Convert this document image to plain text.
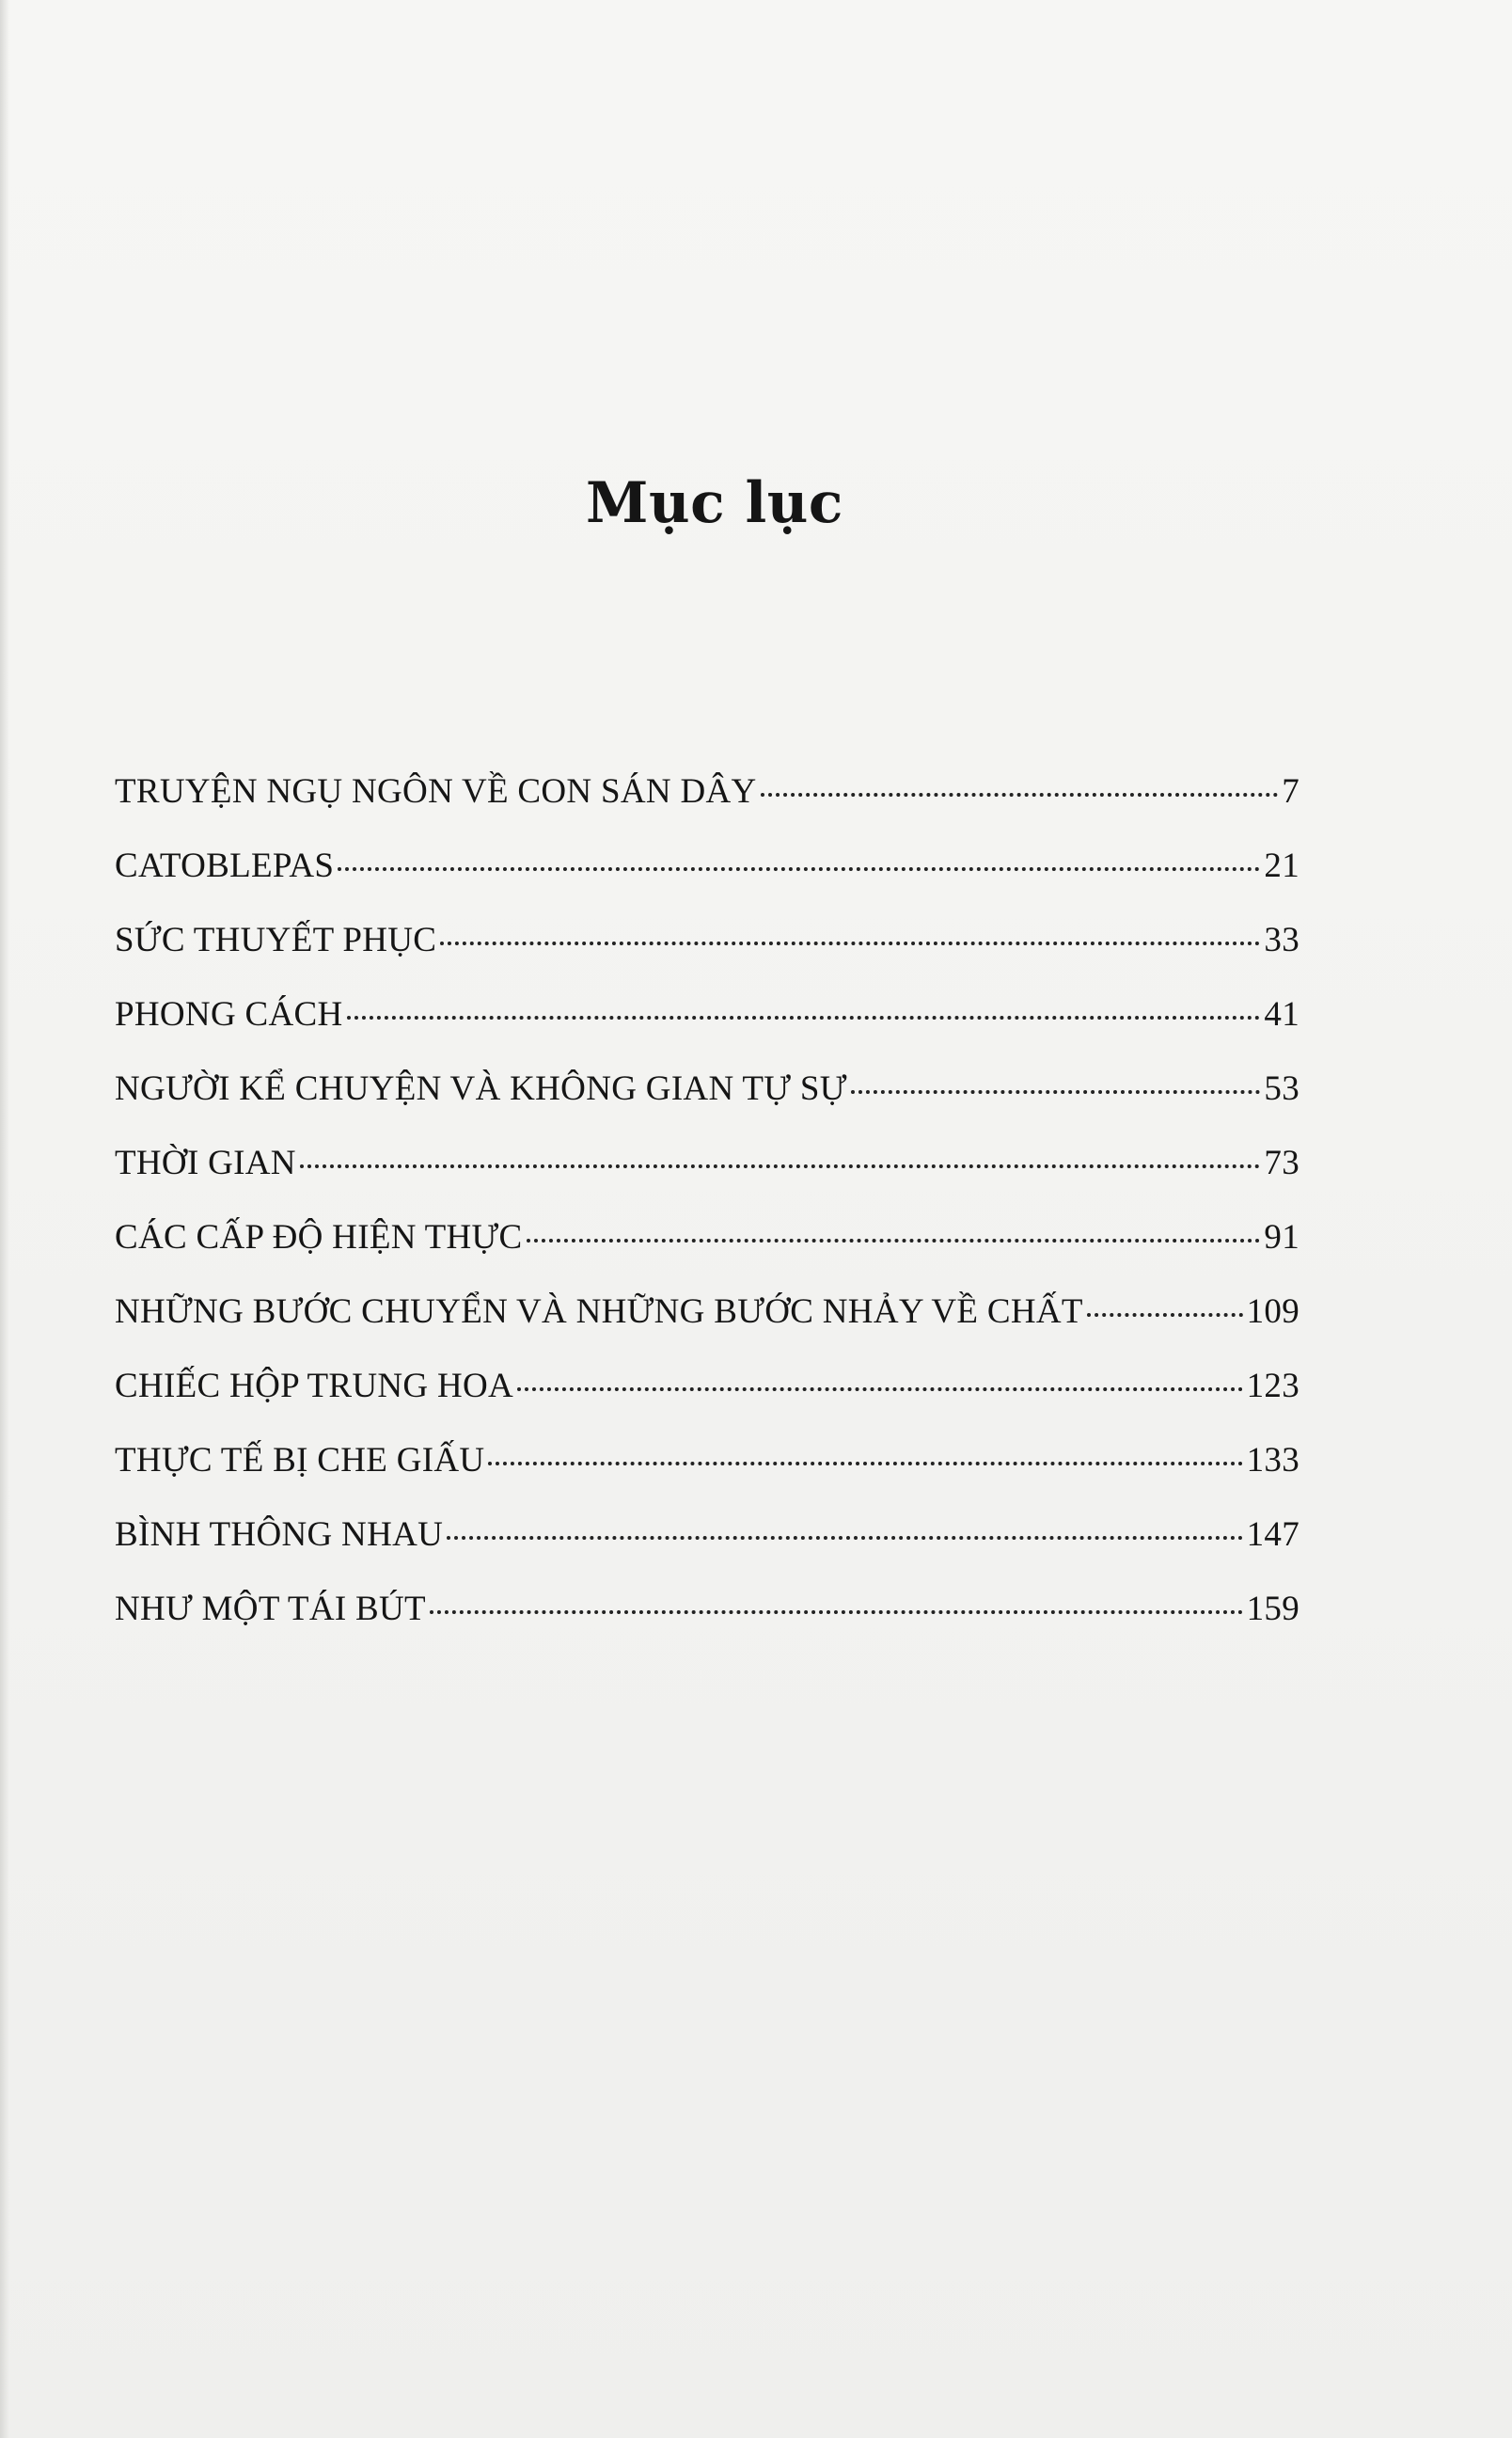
Mục lục
TRUYỆN NGỤ NGÔN VỀ CON SÁN DÂY	7
CATOBLEPAS	21
SỨC THUYẾT PHỤC	33
PHONG CÁCH	41
NGƯỜI KỂ CHUYỆN VÀ KHÔNG GIAN TỰ SỰ	53
THỜI GIAN	73
CÁC CẤP ĐỘ HIỆN THỰC	91
NHỮNG BƯỚC CHUYỂN VÀ NHỮNG BƯỚC NHẢY VỀ CHẤT	109
CHIẾC HỘP TRUNG HOA	123
THỰC TẾ BỊ CHE GIẤU	133
BÌNH THÔNG NHAU	147
NHƯ MỘT TÁI BÚT	159
